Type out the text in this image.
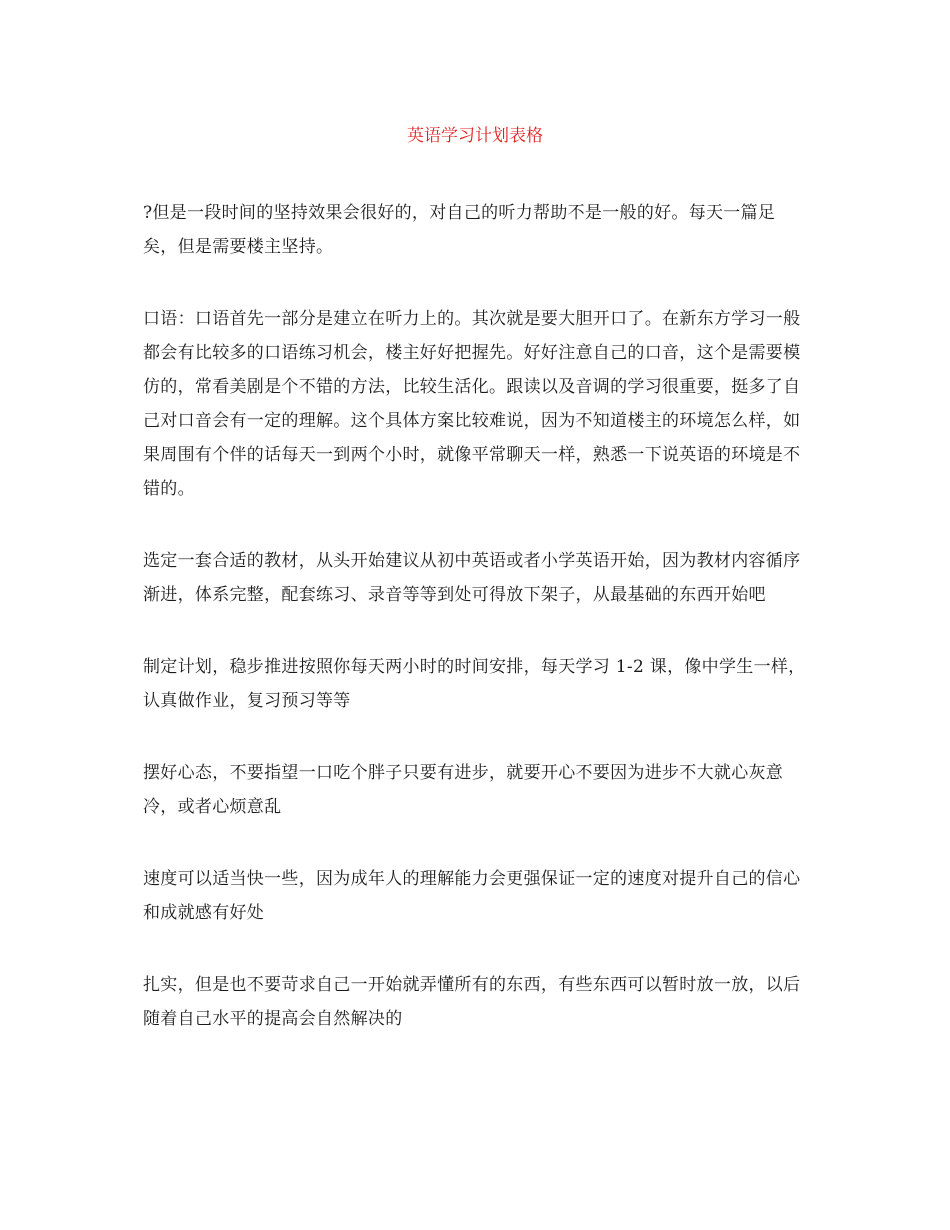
英语学习计划表格

?但是一段时间的坚持效果会很好的，对自己的听力帮助不是一般的好。每天一篇足矣，但是需要楼主坚持。

口语：口语首先一部分是建立在听力上的。其次就是要大胆开口了。在新东方学习一般都会有比较多的口语练习机会，楼主好好把握先。好好注意自己的口音，这个是需要模仿的，常看美剧是个不错的方法，比较生活化。跟读以及音调的学习很重要，挺多了自己对口音会有一定的理解。这个具体方案比较难说，因为不知道楼主的环境怎么样，如果周围有个伴的话每天一到两个小时，就像平常聊天一样，熟悉一下说英语的环境是不错的。

选定一套合适的教材，从头开始建议从初中英语或者小学英语开始，因为教材内容循序渐进，体系完整，配套练习、录音等等到处可得放下架子，从最基础的东西开始吧

制定计划，稳步推进按照你每天两小时的时间安排，每天学习 1-2 课，像中学生一样，认真做作业，复习预习等等

摆好心态，不要指望一口吃个胖子只要有进步，就要开心不要因为进步不大就心灰意冷，或者心烦意乱

速度可以适当快一些，因为成年人的理解能力会更强保证一定的速度对提升自己的信心和成就感有好处

扎实，但是也不要苛求自己一开始就弄懂所有的东西，有些东西可以暂时放一放，以后随着自己水平的提高会自然解决的
